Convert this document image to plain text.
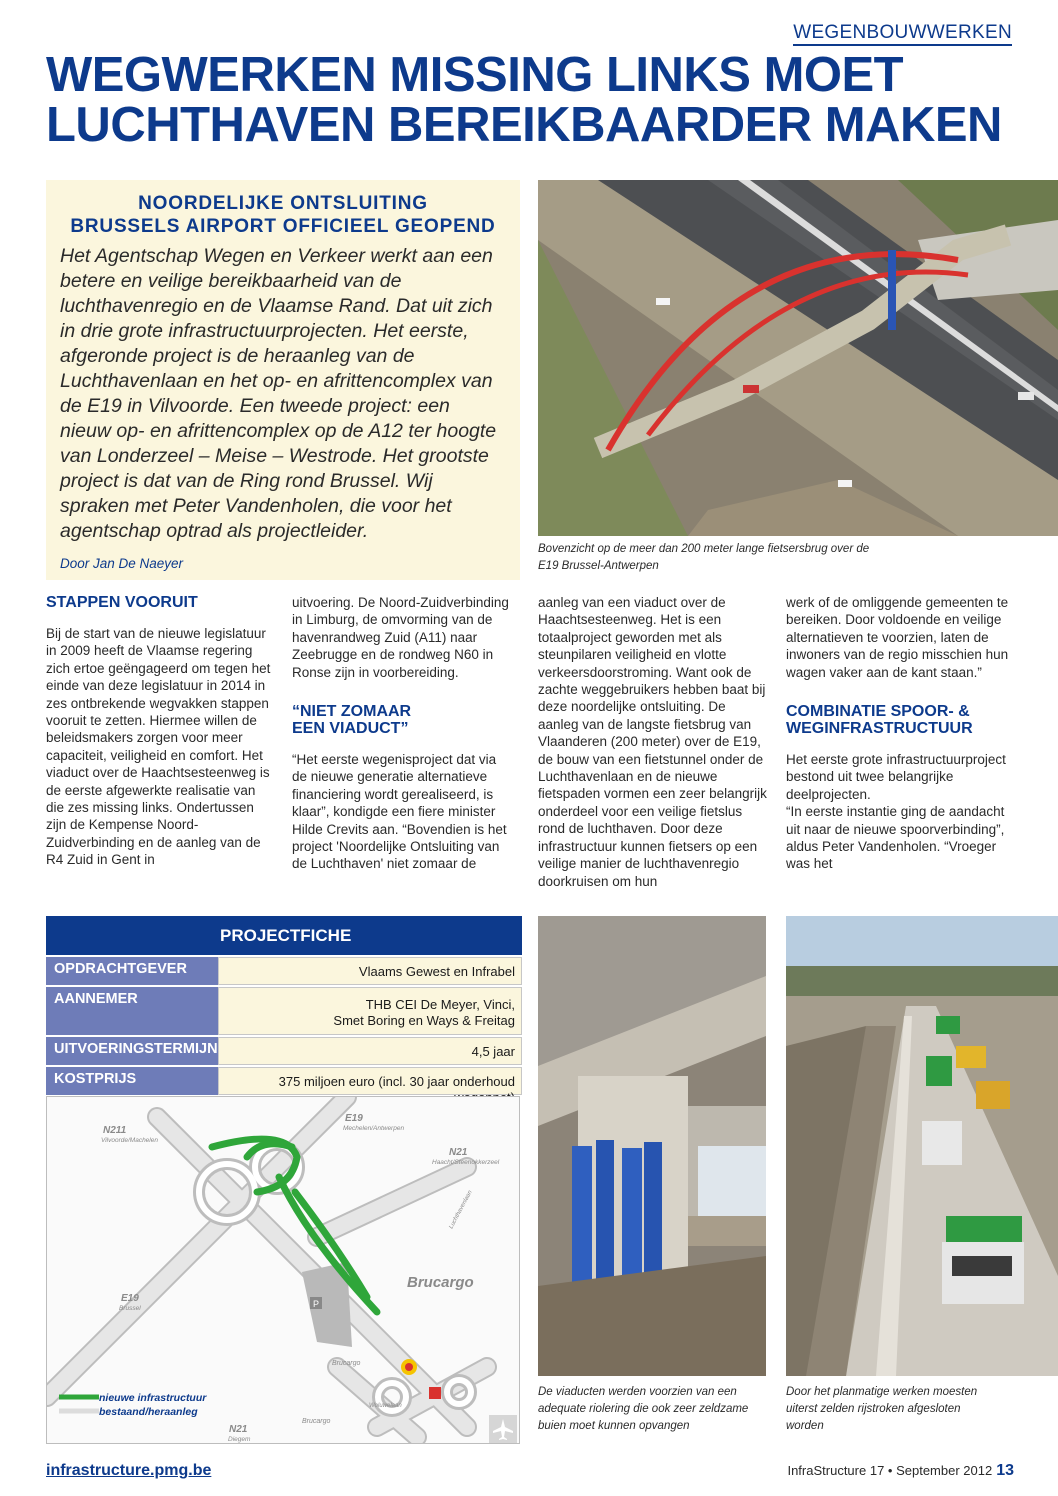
WEGENBOUWWERKEN
WEGWERKEN MISSING LINKS MOET
LUCHTHAVEN BEREIKBAARDER MAKEN
NOORDELIJKE ONTSLUITING
BRUSSELS AIRPORT OFFICIEEL GEOPEND
Het Agentschap Wegen en Verkeer werkt aan een betere en veilige bereikbaarheid van de luchthavenregio en de Vlaamse Rand. Dat uit zich in drie grote infrastructuurprojecten. Het eerste, afgeronde project is de heraanleg van de Luchthavenlaan en het op- en afrittencomplex van de E19 in Vilvoorde. Een tweede project: een nieuw op- en afrittencomplex op de A12 ter hoogte van Londerzeel – Meise – Westrode. Het grootste project is dat van de Ring rond Brussel. Wij spraken met Peter Vandenholen, die voor het agentschap optrad als projectleider.
Door Jan De Naeyer
Bovenzicht op de meer dan 200 meter lange fietsersbrug over de E19 Brussel-Antwerpen
STAPPEN VOORUIT

Bij de start van de nieuwe legislatuur in 2009 heeft de Vlaamse regering zich ertoe geëngageerd om tegen het einde van deze legislatuur in 2014 in zes ontbrekende wegvakken stappen vooruit te zetten. Hiermee willen de beleidsmakers zorgen voor meer capaciteit, veiligheid en comfort. Het viaduct over de Haachtsesteenweg is de eerste afgewerkte realisatie van die zes missing links. Ondertussen zijn de Kempense Noord-Zuidverbinding en de aanleg van de R4 Zuid in Gent in

uitvoering. De Noord-Zuidverbinding in Limburg, de omvorming van de havenrandweg Zuid (A11) naar Zeebrugge en de rondweg N60 in Ronse zijn in voorbereiding.

“NIET ZOMAAR
EEN VIADUCT”

“Het eerste wegenisproject dat via de nieuwe generatie alternatieve financiering wordt gerealiseerd, is klaar”, kondigde een fiere minister Hilde Crevits aan. “Bovendien is het project 'Noordelijke Ontsluiting van de Luchthaven' niet zomaar de

aanleg van een viaduct over de Haachtsesteenweg. Het is een totaalproject geworden met als steunpilaren veiligheid en vlotte verkeersdoorstroming. Want ook de zachte weggebruikers hebben baat bij deze noordelijke ontsluiting. De aanleg van de langste fietsbrug van Vlaanderen (200 meter) over de E19, de bouw van een fietstunnel onder de Luchthavenlaan en de nieuwe fietspaden vormen een zeer belangrijk onderdeel voor een veilige fietslus rond de luchthaven. Door deze infrastructuur kunnen fietsers op een veilige manier de luchthavenregio doorkruisen om hun

werk of de omliggende gemeenten te bereiken. Door voldoende en veilige alternatieven te voorzien, laten de inwoners van de regio misschien hun wagen vaker aan de kant staan.”

COMBINATIE SPOOR- &
WEGINFRASTRUCTUUR

Het eerste grote infrastructuurproject bestond uit twee belangrijke deelprojecten.

“In eerste instantie ging de aandacht uit naar de nieuwe spoorverbinding”, aldus Peter Vandenholen. “Vroeger was het

PROJECTFICHE
OPDRACHTGEVER	Vlaams Gewest en Infrabel
AANNEMER	THB CEI De Meyer, Vinci,
Smet Boring en Ways & Freitag
UITVOERINGSTERMIJN	4,5 jaar
KOSTPRIJS	375 miljoen euro (incl. 30 jaar onderhoud
P
N211
Vilvoorde/Machelen
E19
Mechelen/Antwerpen
N21
Haacht/Steenokkerzeel
E19
Brussel
N21
Diegem
Brucargo
Brucargo
Brucargo
Luchthavenlaan
Woluwelaan
nieuwe infrastructuur
bestaand/heraanleg
De viaducten werden voorzien van een adequate riolering die ook zeer zeldzame buien moet kunnen opvangen
Door het planmatige werken moesten uiterst zelden rijstroken afgesloten worden
infrastructure.pmg.be	InfraStructure 17 • September 2012 13
